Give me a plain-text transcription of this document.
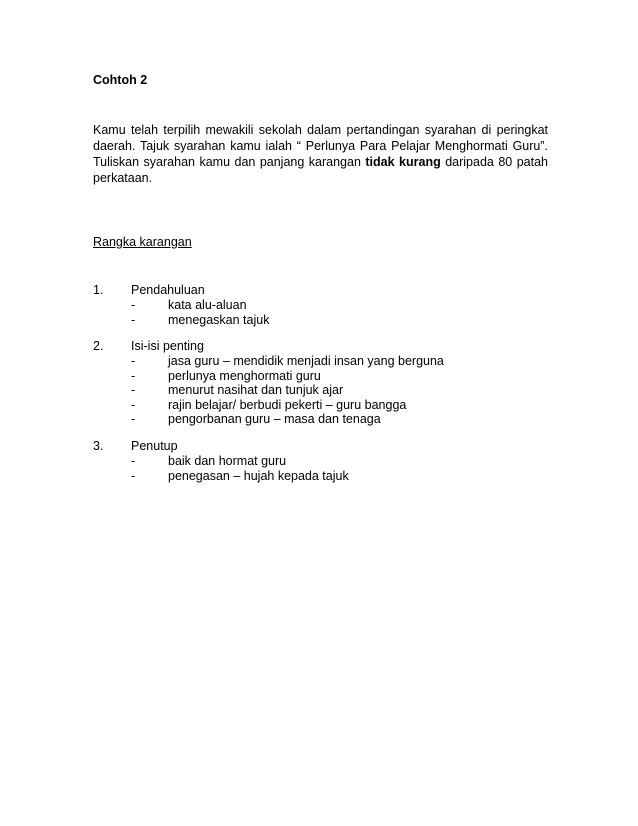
Cohtoh 2

Kamu telah terpilih mewakili sekolah dalam pertandingan syarahan di peringkat daerah. Tajuk syarahan kamu ialah “ Perlunya Para Pelajar Menghormati Guru”. Tuliskan syarahan kamu dan panjang karangan tidak kurang daripada 80 patah perkataan.

Rangka karangan
1. Pendahuluan
-	kata alu-aluan
-	menegaskan tajuk
2. Isi-isi penting
-	jasa guru – mendidik menjadi insan yang berguna
-	perlunya menghormati guru
-	menurut nasihat dan tunjuk ajar
-	rajin belajar/ berbudi pekerti – guru bangga
-	pengorbanan guru – masa dan tenaga
3. Penutup
-	baik dan hormat guru
-	penegasan – hujah kepada tajuk
